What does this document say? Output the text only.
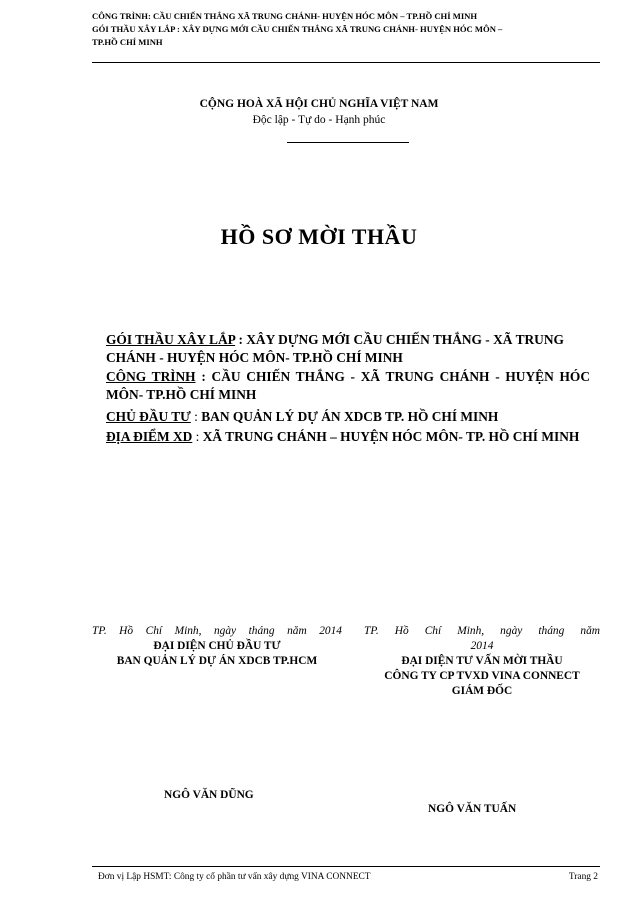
CÔNG TRÌNH: CẦU CHIẾN THẮNG XÃ TRUNG CHÁNH- HUYỆN HÓC MÔN – TP.HỒ CHÍ MINH
GÓI THẦU XÂY LẮP : XÂY DỰNG MỚI CẦU CHIẾN THẮNG XÃ TRUNG CHÁNH- HUYỆN HÓC MÔN –
TP.HỒ CHÍ MINH
CỘNG HOÀ XÃ HỘI CHỦ NGHĨA VIỆT NAM
Độc lập - Tự do - Hạnh phúc
HỒ SƠ MỜI THẦU
GÓI THẦU XÂY LẮP : XÂY DỰNG MỚI CẦU CHIẾN THẮNG - XÃ TRUNG CHÁNH - HUYỆN HÓC MÔN- TP.HỒ CHÍ MINH
CÔNG TRÌNH : CẦU CHIẾN THẮNG - XÃ TRUNG CHÁNH - HUYỆN HÓC MÔN- TP.HỒ CHÍ MINH
CHỦ ĐẦU TƯ : BAN QUẢN LÝ DỰ ÁN XDCB TP. HỒ CHÍ MINH
ĐỊA ĐIỂM XD : XÃ TRUNG CHÁNH – HUYỆN HÓC MÔN- TP. HỒ CHÍ MINH
TP. Hồ Chí Minh, ngày tháng năm 2014
ĐẠI DIỆN CHỦ ĐẦU TƯ
BAN QUẢN LÝ DỰ ÁN XDCB TP.HCM
TP. Hồ Chí Minh, ngày tháng năm
2014
ĐẠI DIỆN TƯ VẤN MỜI THẦU
CÔNG TY CP TVXD VINA CONNECT
GIÁM ĐỐC
NGÔ VĂN DŨNG
NGÔ VĂN TUẤN
Đơn vị Lập HSMT: Công ty cổ phần tư vấn xây dựng VINA CONNECT	Trang 2
